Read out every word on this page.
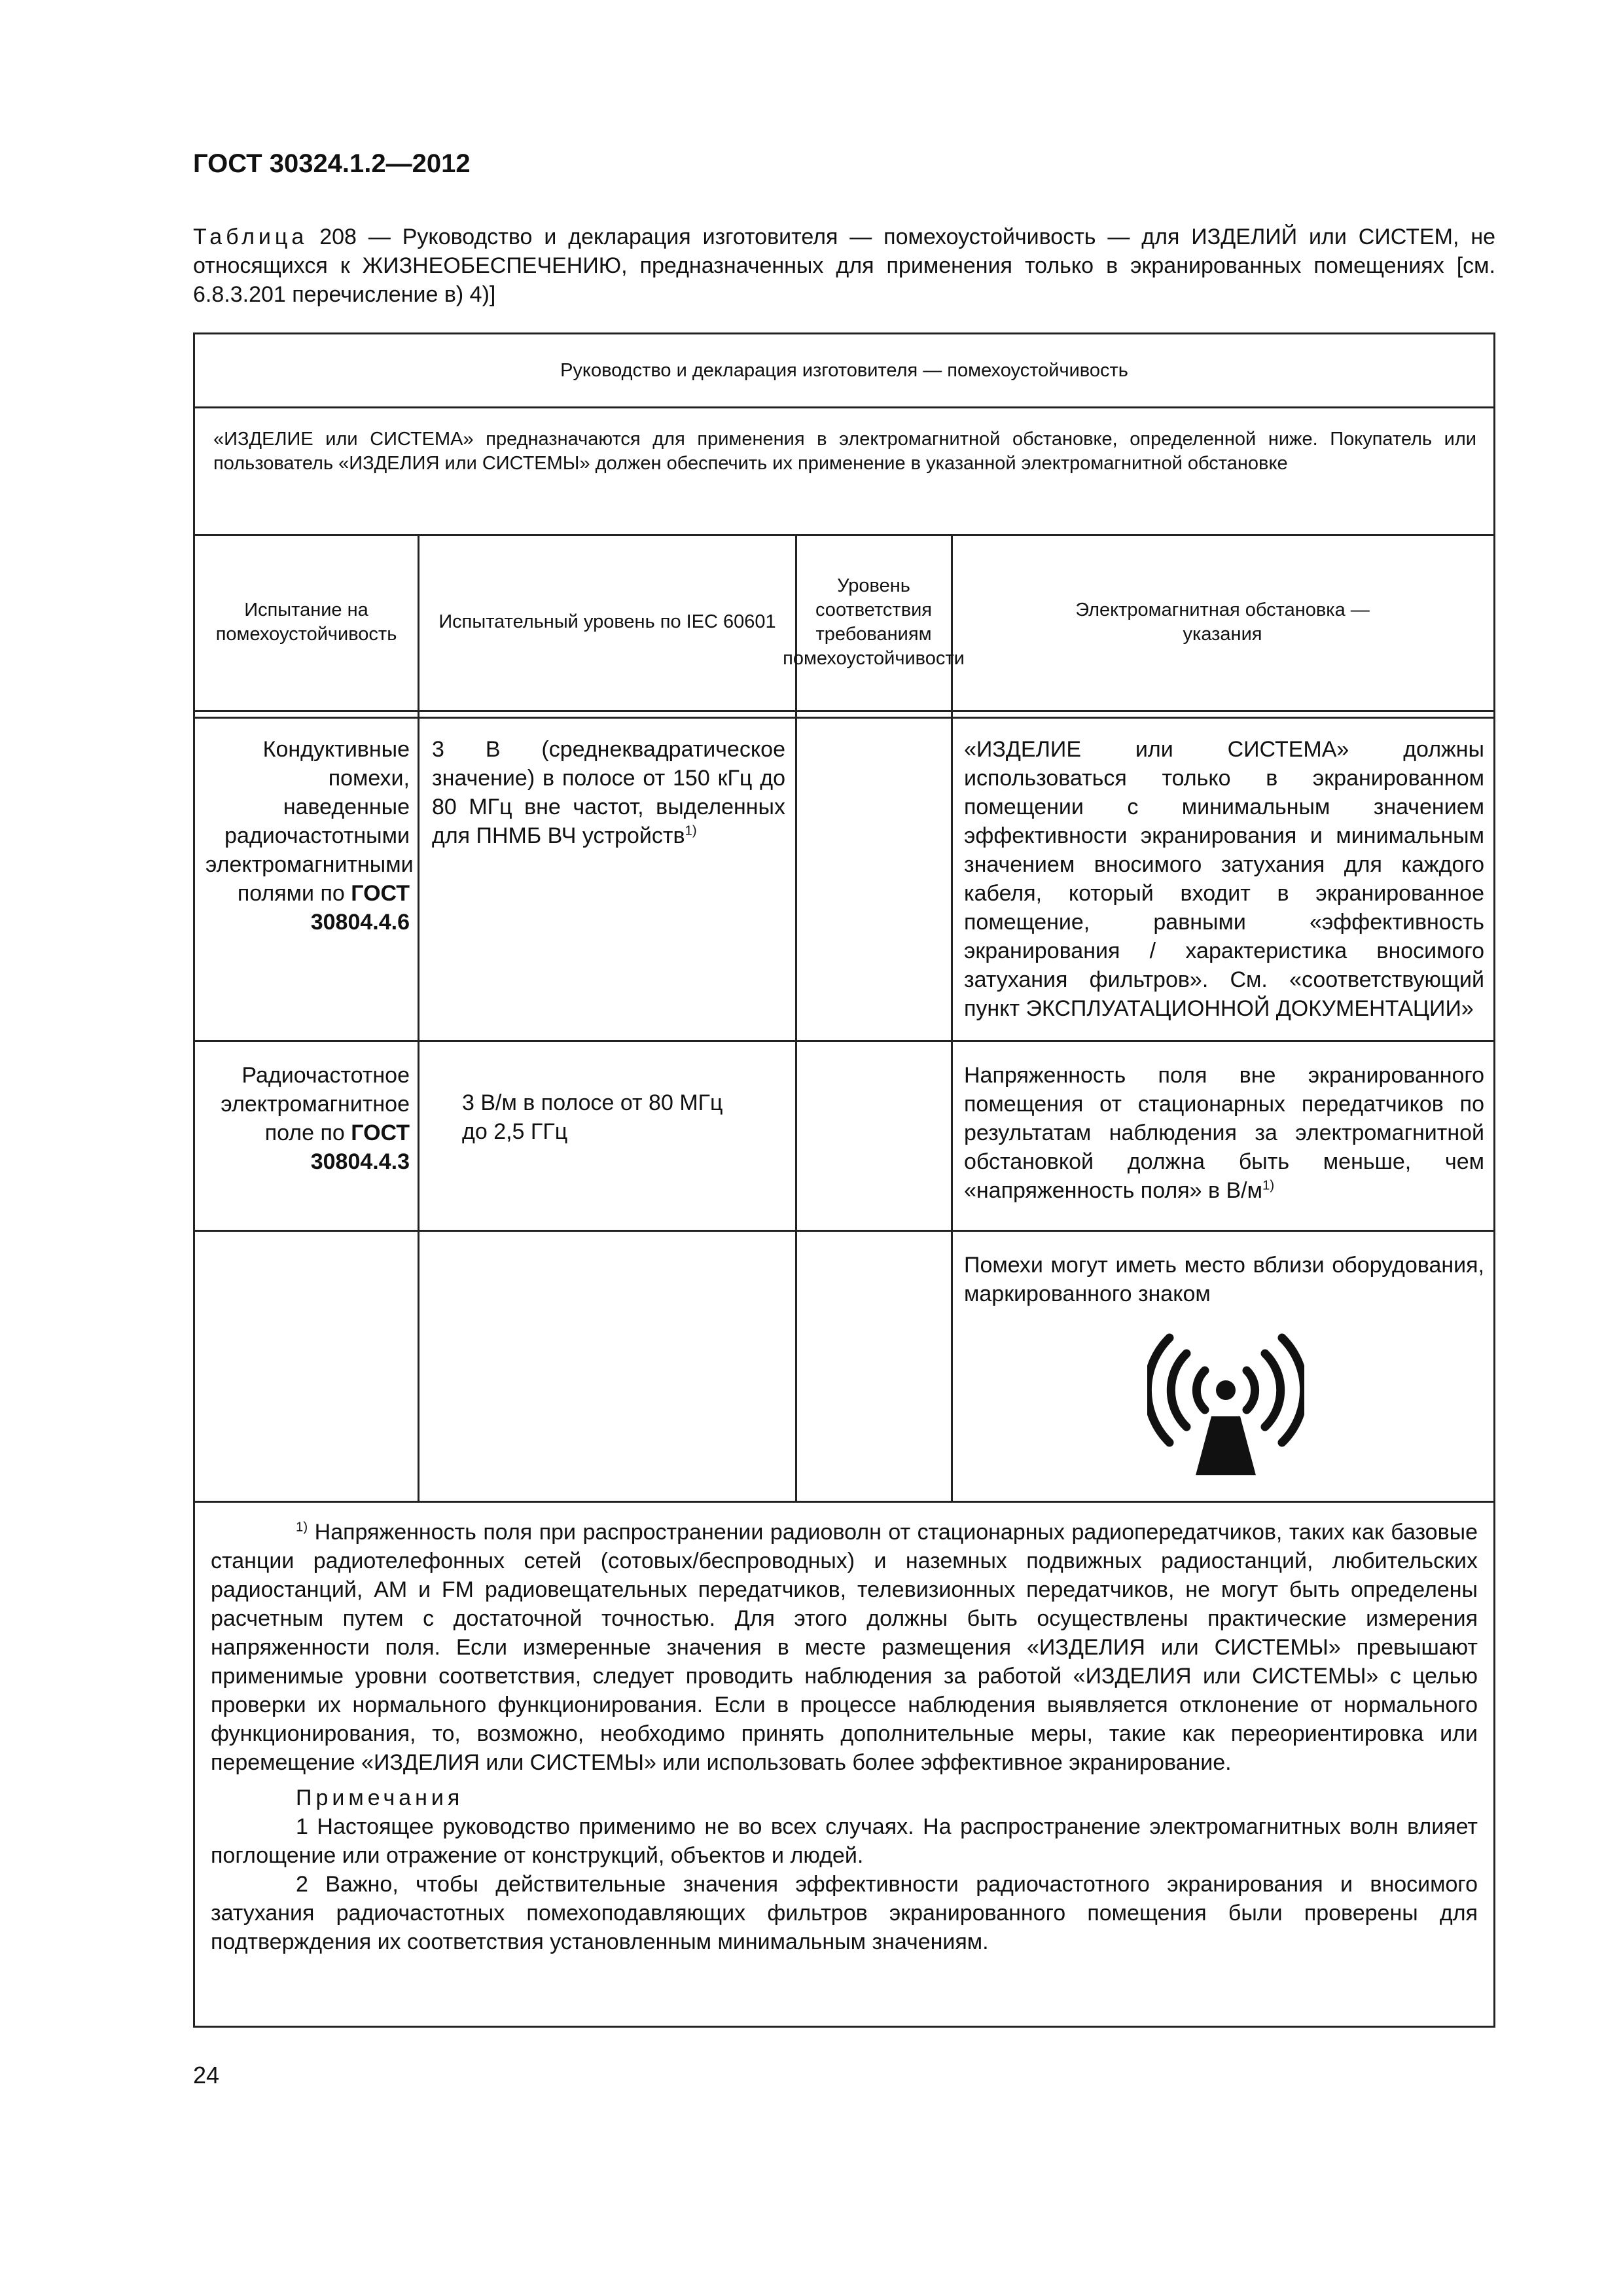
ГОСТ 30324.1.2—2012
Таблица 208 — Руководство и декларация изготовителя — помехоустойчивость — для ИЗДЕЛИЙ или СИСТЕМ, не относящихся к ЖИЗНЕОБЕСПЕЧЕНИЮ, предназначенных для применения только в экранированных помещениях [см. 6.8.3.201 перечисление в) 4)]
Руководство и декларация изготовителя — помехоустойчивость
«ИЗДЕЛИЕ или СИСТЕМА» предназначаются для применения в электромагнитной обстановке, определенной ниже. Покупатель или пользователь «ИЗДЕЛИЯ или СИСТЕМЫ» должен обеспечить их применение в указанной электромагнитной обстановке
Испытание на помехоустойчивость
Испытательный уровень по IEC 60601
Уровень соответствия требованиям помехоустойчивости
Электромагнитная обстановка — указания
Кондуктивные помехи, наведенные радиочастотными электромагнитными полями по ГОСТ 30804.4.6
3 В (среднеквадратическое значение) в полосе от 150 кГц до 80 МГц вне частот, выделенных для ПНМБ ВЧ устройств$^{1)}$
«ИЗДЕЛИЕ или СИСТЕМА» должны использоваться только в экранированном помещении с минимальным значением эффективности экранирования и минимальным значением вносимого затухания для каждого кабеля, который входит в экранированное помещение, равными «эффективность экранирования / характеристика вносимого затухания фильтров». См. «соответствующий пункт ЭКСПЛУАТАЦИОННОЙ ДОКУМЕНТАЦИИ»
Радиочастотное электромагнитное поле по ГОСТ 30804.4.3
3 В/м в полосе от 80 МГц до 2,5 ГГц
Напряженность поля вне экранированного помещения от стационарных передатчиков по результатам наблюдения за электромагнитной обстановкой должна быть меньше, чем «напряженность поля» в $В/м^{1)}$
Помехи могут иметь место вблизи оборудования, маркированного знаком

$^{1)}$ Напряженность поля при распространении радиоволн от стационарных радиопередатчиков, таких как базовые станции радиотелефонных сетей (сотовых/беспроводных) и наземных подвижных радиостанций, любительских радиостанций, AM и FM радиовещательных передатчиков, телевизионных передатчиков, не могут быть определены расчетным путем с достаточной точностью. Для этого должны быть осуществлены практические измерения напряженности поля. Если измеренные значения в месте размещения «ИЗДЕЛИЯ или СИСТЕМЫ» превышают применимые уровни соответствия, следует проводить наблюдения за работой «ИЗДЕЛИЯ или СИСТЕМЫ» с целью проверки их нормального функционирования. Если в процессе наблюдения выявляется отклонение от нормального функционирования, то, возможно, необходимо принять дополнительные меры, такие как переориентировка или перемещение «ИЗДЕЛИЯ или СИСТЕМЫ» или использовать более эффективное экранирование.

Примечания

1 Настоящее руководство применимо не во всех случаях. На распространение электромагнитных волн влияет поглощение или отражение от конструкций, объектов и людей.

2 Важно, чтобы действительные значения эффективности радиочастотного экранирования и вносимого затухания радиочастотных помехоподавляющих фильтров экранированного помещения были проверены для подтверждения их соответствия установленным минимальным значениям.

24
